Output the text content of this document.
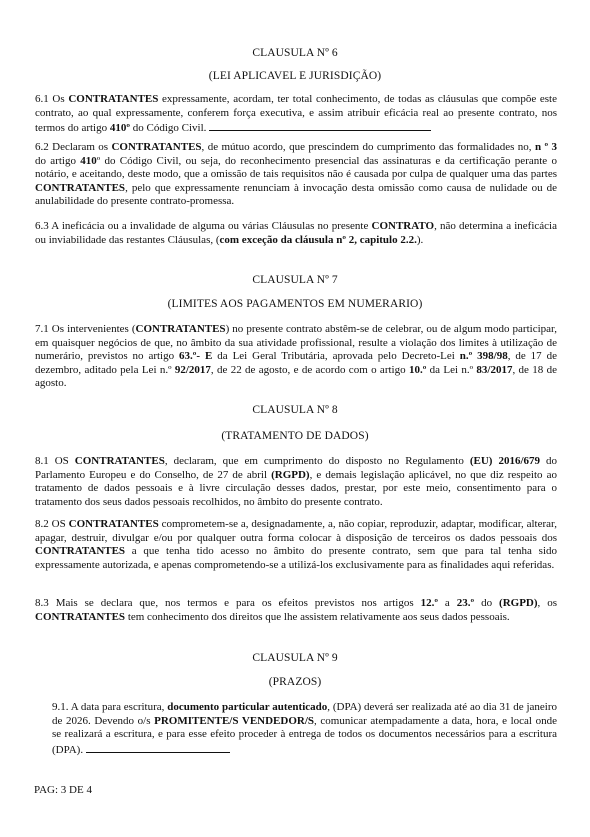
CLAUSULA Nº 6
(LEI APLICAVEL E JURISDIÇÃO)
6.1 Os CONTRATANTES expressamente, acordam, ter total conhecimento, de todas as cláusulas que compõe este contrato, ao qual expressamente, conferem força executiva, e assim atribuir eficácia real ao presente contrato, nos termos do artigo 410º do Código Civil.
6.2 Declaram os CONTRATANTES, de mútuo acordo, que prescindem do cumprimento das formalidades no, n º 3 do artigo 410º do Código Civil, ou seja, do reconhecimento presencial das assinaturas e da certificação perante o notário, e aceitando, deste modo, que a omissão de tais requisitos não é causada por culpa de qualquer uma das partes CONTRATANTES, pelo que expressamente renunciam à invocação desta omissão como causa de nulidade ou de anulabilidade do presente contrato-promessa.
6.3 A ineficácia ou a invalidade de alguma ou várias Cláusulas no presente CONTRATO, não determina a ineficácia ou inviabilidade das restantes Cláusulas, (com exceção da cláusula nº 2, capitulo 2.2.).
CLAUSULA Nº 7
(LIMITES AOS PAGAMENTOS EM NUMERARIO)
7.1 Os intervenientes (CONTRATANTES) no presente contrato abstêm-se de celebrar, ou de algum modo participar, em quaisquer negócios de que, no âmbito da sua atividade profissional, resulte a violação dos limites à utilização de numerário, previstos no artigo 63.º- E da Lei Geral Tributária, aprovada pelo Decreto-Lei n.º 398/98, de 17 de dezembro, aditado pela Lei n.º 92/2017, de 22 de agosto, e de acordo com o artigo 10.º da Lei n.º 83/2017, de 18 de agosto.
CLAUSULA Nº 8
(TRATAMENTO DE DADOS)
8.1 OS CONTRATANTES, declaram, que em cumprimento do disposto no Regulamento (EU) 2016/679 do Parlamento Europeu e do Conselho, de 27 de abril (RGPD), e demais legislação aplicável, no que diz respeito ao tratamento de dados pessoais e à livre circulação desses dados, prestar, por este meio, consentimento para o tratamento dos seus dados pessoais recolhidos, no âmbito do presente contrato.
8.2 OS CONTRATANTES comprometem-se a, designadamente, a, não copiar, reproduzir, adaptar, modificar, alterar, apagar, destruir, divulgar e/ou por qualquer outra forma colocar à disposição de terceiros os dados pessoais dos CONTRATANTES a que tenha tido acesso no âmbito do presente contrato, sem que para tal tenha sido expressamente autorizada, e apenas comprometendo-se a utilizá-los exclusivamente para as finalidades aqui referidas.
8.3 Mais se declara que, nos termos e para os efeitos previstos nos artigos 12.º a 23.º do (RGPD), os CONTRATANTES tem conhecimento dos direitos que lhe assistem relativamente aos seus dados pessoais.
CLAUSULA Nº 9
(PRAZOS)
9.1. A data para escritura, documento particular autenticado, (DPA) deverá ser realizada até ao dia 31 de janeiro de 2026. Devendo o/s PROMITENTE/S VENDEDOR/S, comunicar atempadamente a data, hora, e local onde se realizará a escritura, e para esse efeito proceder à entrega de todos os documentos necessários para a escritura (DPA).
PAG: 3 DE 4
